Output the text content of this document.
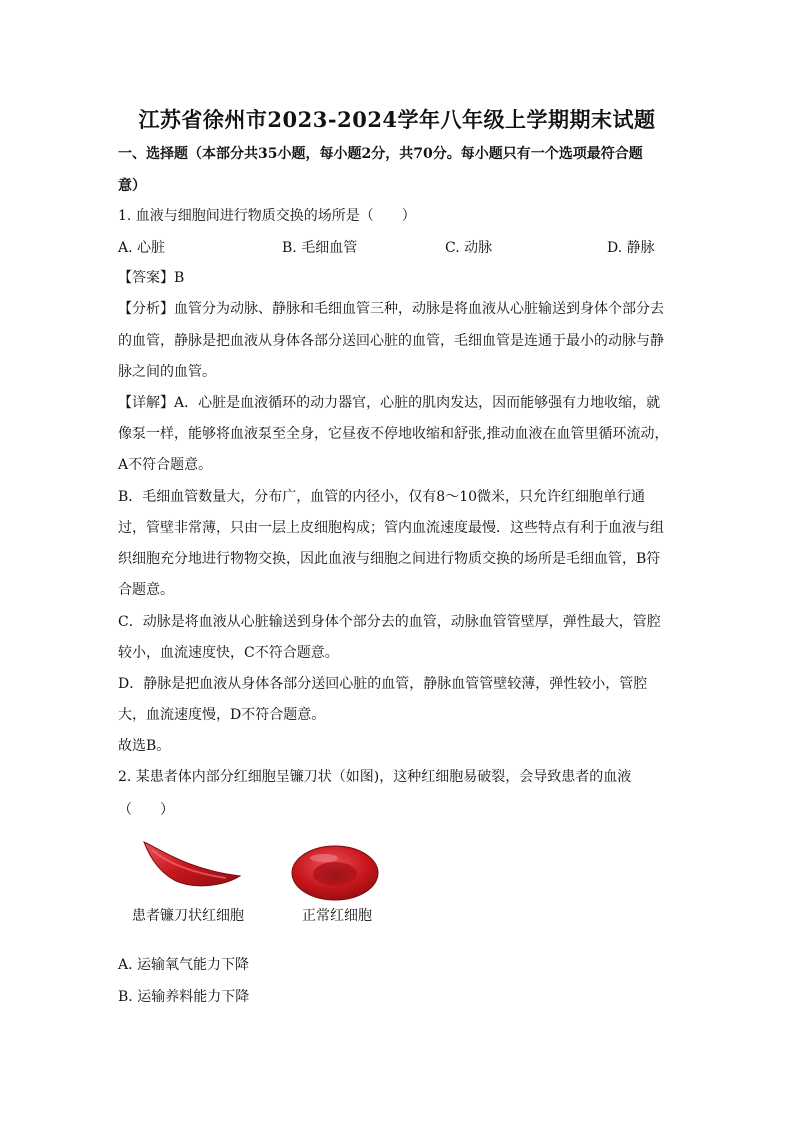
江苏省徐州市2023-2024学年八年级上学期期末试题
一、选择题（本部分共35小题，每小题2分，共70分。每小题只有一个选项最符合题
意）
1. 血液与细胞间进行物质交换的场所是（　　）
A. 心脏	B. 毛细血管	C. 动脉	D. 静脉
【答案】B
【分析】血管分为动脉、静脉和毛细血管三种，动脉是将血液从心脏输送到身体个部分去
的血管，静脉是把血液从身体各部分送回心脏的血管，毛细血管是连通于最小的动脉与静
脉之间的血管。
【详解】A．心脏是血液循环的动力器官，心脏的肌肉发达，因而能够强有力地收缩，就
像泵一样，能够将血液泵至全身，它昼夜不停地收缩和舒张,推动血液在血管里循环流动，
A不符合题意。
B．毛细血管数量大，分布广，血管的内径小，仅有8～10微米，只允许红细胞单行通
过，管壁非常薄，只由一层上皮细胞构成；管内血流速度最慢．这些特点有利于血液与组
织细胞充分地进行物物交换，因此血液与细胞之间进行物质交换的场所是毛细血管，B符
合题意。
C．动脉是将血液从心脏输送到身体个部分去的血管，动脉血管管壁厚，弹性最大，管腔
较小，血流速度快，C不符合题意。
D．静脉是把血液从身体各部分送回心脏的血管，静脉血管管壁较薄，弹性较小，管腔
大，血流速度慢，D不符合题意。
故选B。
2. 某患者体内部分红细胞呈镰刀状（如图)，这种红细胞易破裂，会导致患者的血液
（　　）
患者镰刀状红细胞	正常红细胞
A. 运输氧气能力下降
B. 运输养料能力下降
